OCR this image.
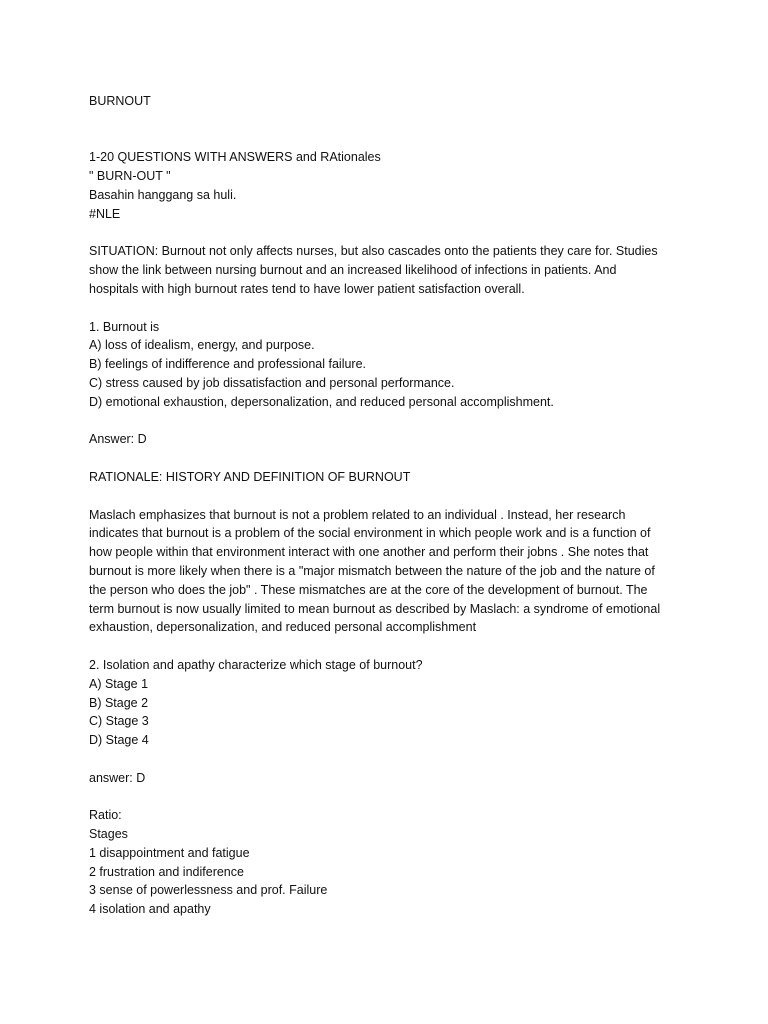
BURNOUT
1-20 QUESTIONS WITH ANSWERS and RAtionales
" BURN-OUT "
Basahin hanggang sa huli.
#NLE
SITUATION: Burnout not only affects nurses, but also cascades onto the patients they care for. Studies
show the link between nursing burnout and an increased likelihood of infections in patients. And
hospitals with high burnout rates tend to have lower patient satisfaction overall.
1. Burnout is
A) loss of idealism, energy, and purpose.
B) feelings of indifference and professional failure.
C) stress caused by job dissatisfaction and personal performance.
D) emotional exhaustion, depersonalization, and reduced personal accomplishment.
Answer: D
RATIONALE: HISTORY AND DEFINITION OF BURNOUT
Maslach emphasizes that burnout is not a problem related to an individual . Instead, her research
indicates that burnout is a problem of the social environment in which people work and is a function of
how people within that environment interact with one another and perform their jobns . She notes that
burnout is more likely when there is a "major mismatch between the nature of the job and the nature of
the person who does the job" . These mismatches are at the core of the development of burnout. The
term burnout is now usually limited to mean burnout as described by Maslach: a syndrome of emotional
exhaustion, depersonalization, and reduced personal accomplishment
2. Isolation and apathy characterize which stage of burnout?
A) Stage 1
B) Stage 2
C) Stage 3
D) Stage 4
answer: D
Ratio:
Stages
1 disappointment and fatigue
2 frustration and indiference
3 sense of powerlessness and prof. Failure
4 isolation and apathy
